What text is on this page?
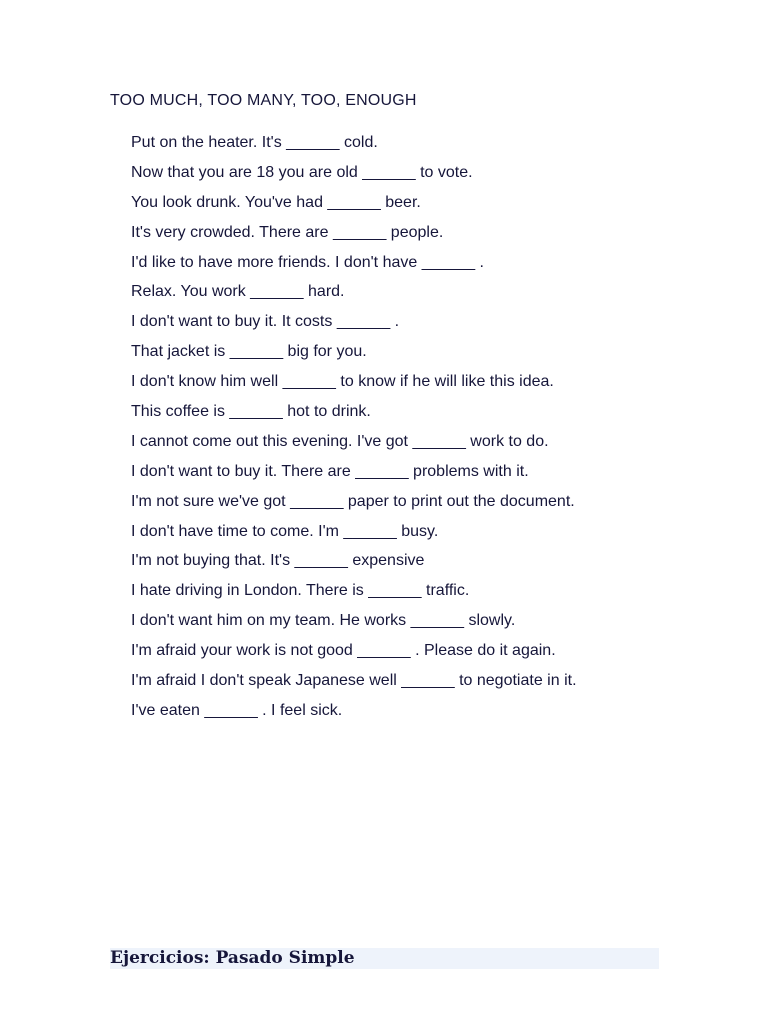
TOO MUCH, TOO MANY, TOO, ENOUGH
Put on the heater. It's ______ cold.
Now that you are 18 you are old ______ to vote.
You look drunk. You've had ______ beer.
It's very crowded. There are ______ people.
I'd like to have more friends. I don't have ______ .
Relax. You work ______ hard.
I don't want to buy it. It costs ______ .
That jacket is ______ big for you.
I don't know him well ______ to know if he will like this idea.
This coffee is ______ hot to drink.
I cannot come out this evening. I've got ______ work to do.
I don't want to buy it. There are ______ problems with it.
I'm not sure we've got ______ paper to print out the document.
I don't have time to come. I'm ______ busy.
I'm not buying that. It's ______ expensive
I hate driving in London. There is ______ traffic.
I don't want him on my team. He works ______ slowly.
I'm afraid your work is not good ______ . Please do it again.
I'm afraid I don't speak Japanese well ______ to negotiate in it.
I've eaten ______ . I feel sick.
Ejercicios: Pasado Simple
